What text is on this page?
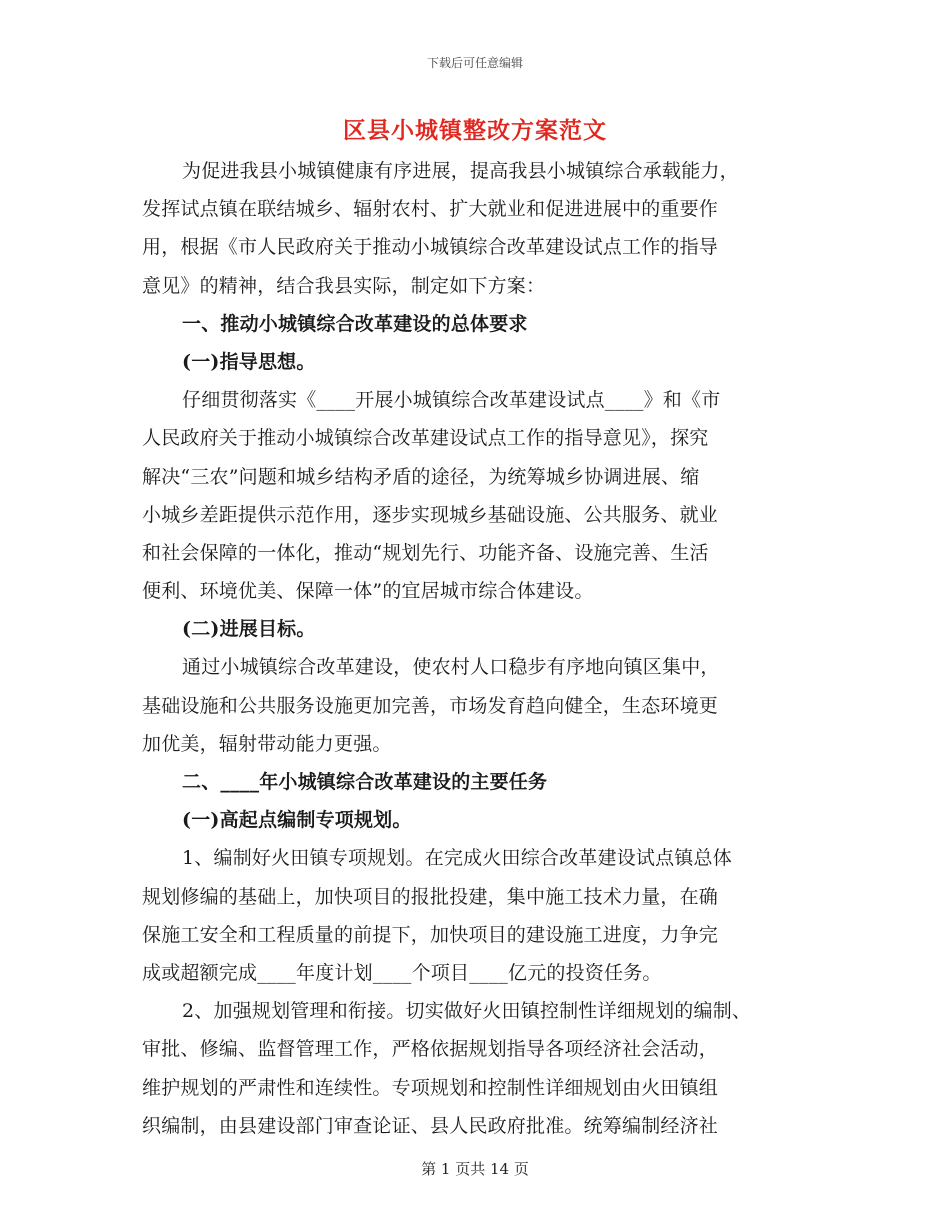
下载后可任意编辑
区县小城镇整改方案范文
为促进我县小城镇健康有序进展，提高我县小城镇综合承载能力，
发挥试点镇在联结城乡、辐射农村、扩大就业和促进进展中的重要作
用，根据《市人民政府关于推动小城镇综合改革建设试点工作的指导
意见》的精神，结合我县实际，制定如下方案：
一、推动小城镇综合改革建设的总体要求
(一)指导思想。
仔细贯彻落实《____开展小城镇综合改革建设试点____》和《市
人民政府关于推动小城镇综合改革建设试点工作的指导意见》，探究
解决“三农”问题和城乡结构矛盾的途径，为统筹城乡协调进展、缩
小城乡差距提供示范作用，逐步实现城乡基础设施、公共服务、就业
和社会保障的一体化，推动“规划先行、功能齐备、设施完善、生活
便利、环境优美、保障一体”的宜居城市综合体建设。
(二)进展目标。
通过小城镇综合改革建设，使农村人口稳步有序地向镇区集中，
基础设施和公共服务设施更加完善，市场发育趋向健全，生态环境更
加优美，辐射带动能力更强。
二、____年小城镇综合改革建设的主要任务
(一)高起点编制专项规划。
1、编制好火田镇专项规划。在完成火田综合改革建设试点镇总体
规划修编的基础上，加快项目的报批投建，集中施工技术力量，在确
保施工安全和工程质量的前提下，加快项目的建设施工进度，力争完
成或超额完成____年度计划____个项目____亿元的投资任务。
2、加强规划管理和衔接。切实做好火田镇控制性详细规划的编制、
审批、修编、监督管理工作，严格依据规划指导各项经济社会活动，
维护规划的严肃性和连续性。专项规划和控制性详细规划由火田镇组
织编制，由县建设部门审查论证、县人民政府批准。统筹编制经济社
第 1 页共 14 页
